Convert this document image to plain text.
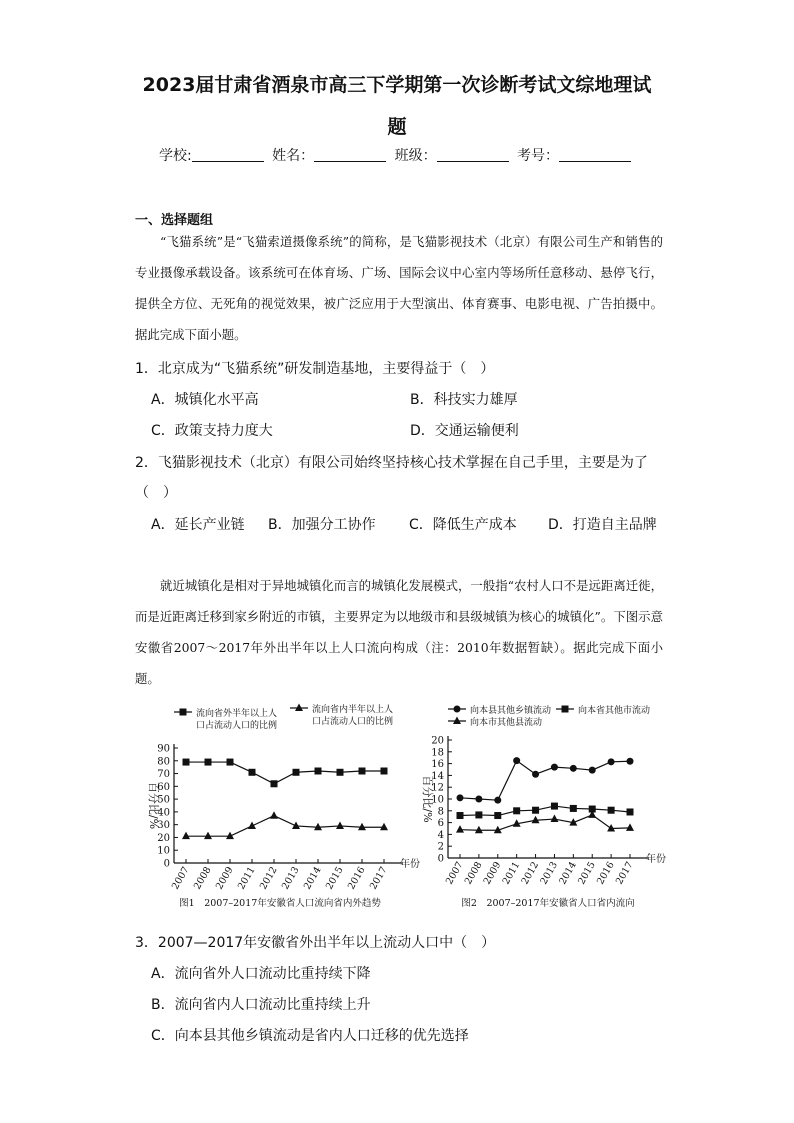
2023届甘肃省酒泉市高三下学期第一次诊断考试文综地理试
题
学校:	姓名：	班级：	考号：
一、选择题组
“飞猫系统”是“飞猫索道摄像系统”的简称，是飞猫影视技术（北京）有限公司生产和销售的专业摄像承载设备。该系统可在体育场、广场、国际会议中心室内等场所任意移动、悬停飞行，提供全方位、无死角的视觉效果，被广泛应用于大型演出、体育赛事、电影电视、广告拍摄中。据此完成下面小题。
1．北京成为“飞猫系统”研发制造基地，主要得益于（　）
A．城镇化水平高	B．科技实力雄厚
C．政策支持力度大	D．交通运输便利
2．飞猫影视技术（北京）有限公司始终坚持核心技术掌握在自己手里，主要是为了
（　）
A．延长产业链 B．加强分工协作 C．降低生产成本 D．打造自主品牌
就近城镇化是相对于异地城镇化而言的城镇化发展模式，一般指“农村人口不是远距离迁徙，而是近距离迁移到家乡附近的市镇，主要界定为以地级市和县级城镇为核心的城镇化”。下图示意安徽省2007～2017年外出半年以上人口流向构成（注：2010年数据暂缺）。据此完成下面小题。
0
10
20
30
40
50
60
70
80
90
2007 2008 2009 2011 2012 2013 2014 2015 2016 2017
年份
百分比/%
流向省外半年以上人
口占流动人口的比例
流向省内半年以上人
口占流动人口的比例
图1　2007–2017年安徽省人口流向省内外趋势
0
2
4
6
8
10
12
14
16
18
20
2007
2008
2009
2011
2012
2013
2014
2015
2016
2017
年份
百分比/%
向本县其他乡镇流动	向本省其他市流动
向本市其他县流动
图2　2007–2017年安徽省人口省内流向
3．2007—2017年安徽省外出半年以上流动人口中（　）
A．流向省外人口流动比重持续下降
B．流向省内人口流动比重持续上升
C．向本县其他乡镇流动是省内人口迁移的优先选择
